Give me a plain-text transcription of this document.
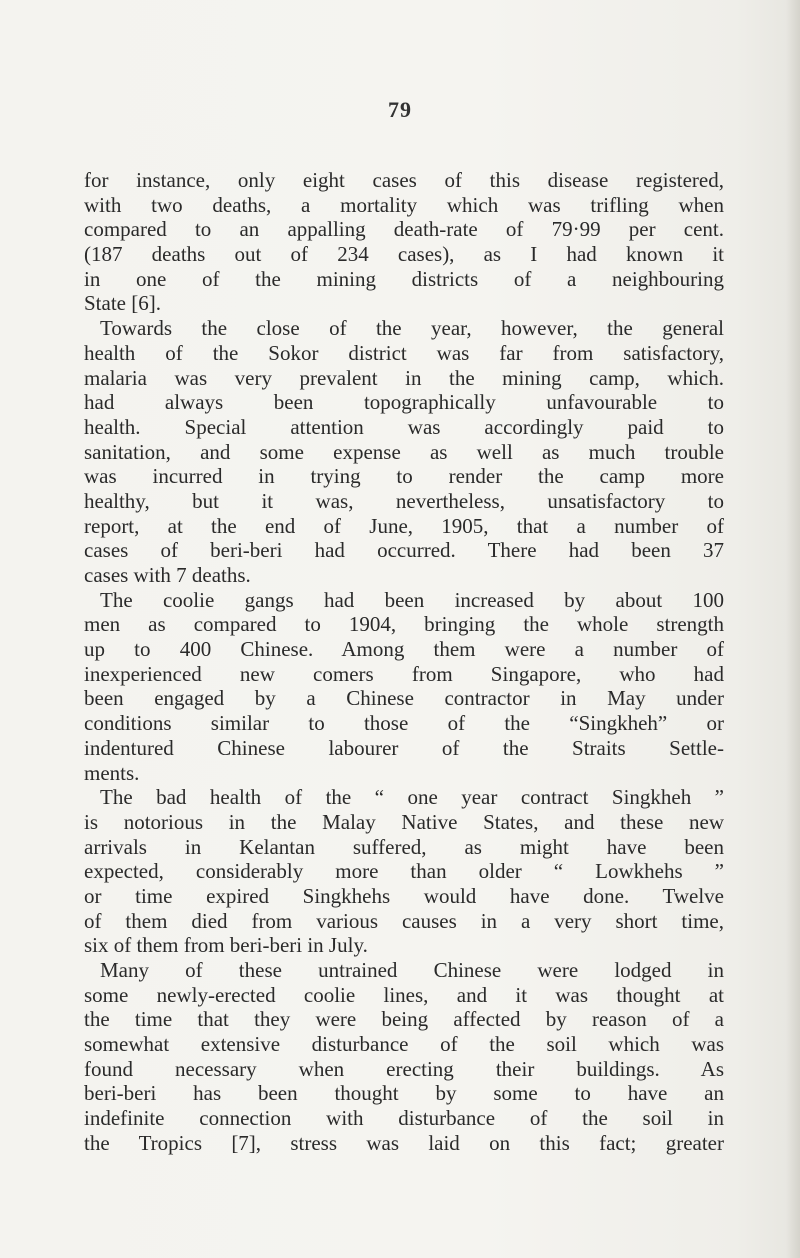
79
for instance, only eight cases of this disease registered,
with two deaths, a mortality which was trifling when
compared to an appalling death-rate of 79·99 per cent.
(187 deaths out of 234 cases), as I had known it
in one of the mining districts of a neighbouring
State [6].
Towards the close of the year, however, the general
health of the Sokor district was far from satisfactory,
malaria was very prevalent in the mining camp, which.
had always been topographically unfavourable to
health. Special attention was accordingly paid to
sanitation, and some expense as well as much trouble
was incurred in trying to render the camp more
healthy, but it was, nevertheless, unsatisfactory to
report, at the end of June, 1905, that a number of
cases of beri-beri had occurred. There had been 37
cases with 7 deaths.
The coolie gangs had been increased by about 100
men as compared to 1904, bringing the whole strength
up to 400 Chinese. Among them were a number of
inexperienced new comers from Singapore, who had
been engaged by a Chinese contractor in May under
conditions similar to those of the “Singkheh” or
indentured Chinese labourer of the Straits Settle-
ments.
The bad health of the “ one year contract Singkheh ”
is notorious in the Malay Native States, and these new
arrivals in Kelantan suffered, as might have been
expected, considerably more than older “ Lowkhehs ”
or time expired Singkhehs would have done. Twelve
of them died from various causes in a very short time,
six of them from beri-beri in July.
Many of these untrained Chinese were lodged in
some newly-erected coolie lines, and it was thought at
the time that they were being affected by reason of a
somewhat extensive disturbance of the soil which was
found necessary when erecting their buildings. As
beri-beri has been thought by some to have an
indefinite connection with disturbance of the soil in
the Tropics [7], stress was laid on this fact; greater
